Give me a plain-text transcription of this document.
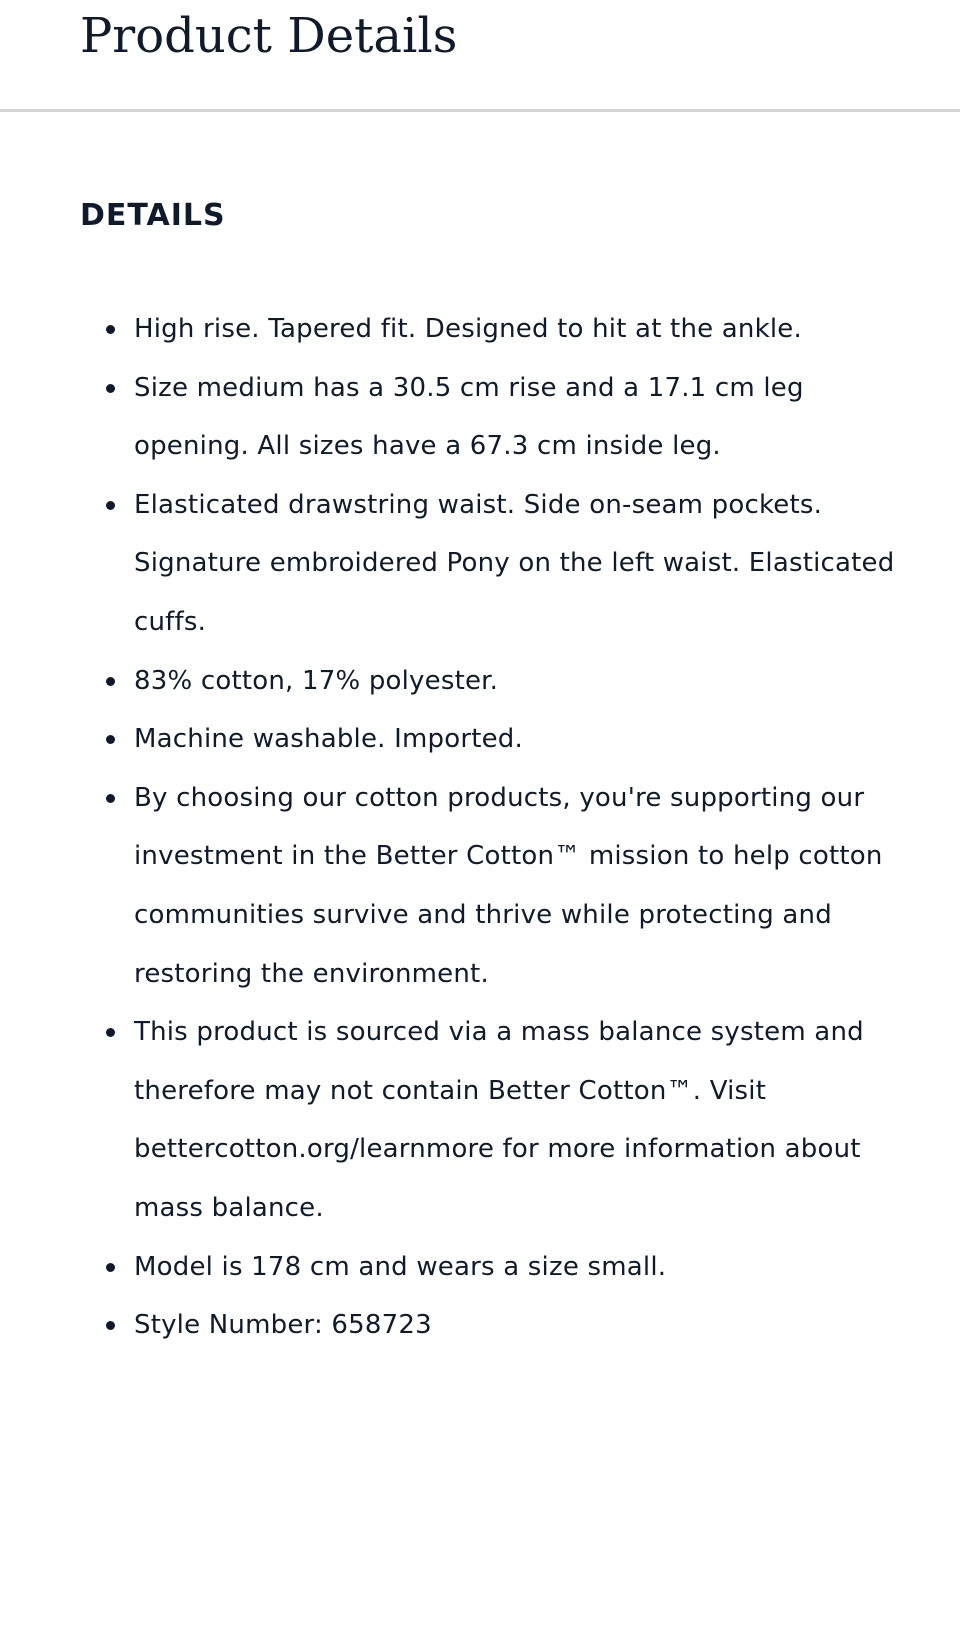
Product Details
DETAILS
High rise. Tapered fit. Designed to hit at the ankle.
Size medium has a 30.5 cm rise and a 17.1 cm leg opening. All sizes have a 67.3 cm inside leg.
Elasticated drawstring waist. Side on-seam pockets. Signature embroidered Pony on the left waist. Elasticated cuffs.
83% cotton, 17% polyester.
Machine washable. Imported.
By choosing our cotton products, you're supporting our investment in the Better Cotton™ mission to help cotton communities survive and thrive while protecting and restoring the environment.
This product is sourced via a mass balance system and therefore may not contain Better Cotton™. Visit bettercotton.org/learnmore for more information about mass balance.
Model is 178 cm and wears a size small.
Style Number: 658723
